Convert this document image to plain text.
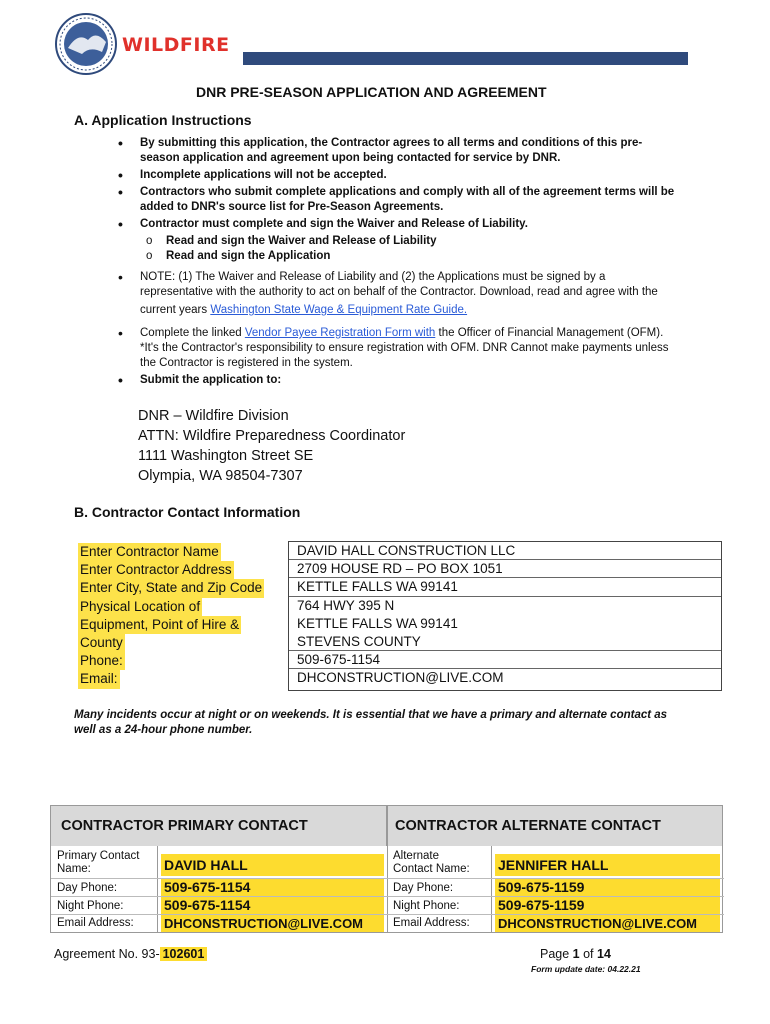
WILDFIRE
DNR PRE-SEASON APPLICATION AND AGREEMENT
A. Application Instructions
• By submitting this application, the Contractor agrees to all terms and conditions of this pre-
season application and agreement upon being contacted for service by DNR.
• Incomplete applications will not be accepted.
• Contractors who submit complete applications and comply with all of the agreement terms will be
added to DNR's source list for Pre-Season Agreements.
• Contractor must complete and sign the Waiver and Release of Liability.
o Read and sign the Waiver and Release of Liability
o Read and sign the Application
• NOTE: (1) The Waiver and Release of Liability and (2) the Applications must be signed by a
representative with the authority to act on behalf of the Contractor. Download, read and agree with the
current years Washington State Wage & Equipment Rate Guide.
• Complete the linked Vendor Payee Registration Form with the Officer of Financial Management (OFM).
*It's the Contractor's responsibility to ensure registration with OFM. DNR Cannot make payments unless
the Contractor is registered in the system.
• Submit the application to:
DNR – Wildfire Division
ATTN: Wildfire Preparedness Coordinator
1111 Washington Street SE
Olympia, WA 98504-7307
B. Contractor Contact Information
Enter Contractor Name
Enter Contractor Address
Enter City, State and Zip Code
Physical Location of
Equipment, Point of Hire &
County
Phone:
Email:
DAVID HALL CONSTRUCTION LLC
2709 HOUSE RD – PO BOX 1051
KETTLE FALLS WA 99141
764 HWY 395 N
KETTLE FALLS WA 99141
STEVENS COUNTY
509-675-1154
DHCONSTRUCTION@LIVE.COM
Many incidents occur at night or on weekends. It is essential that we have a primary and alternate contact as
well as a 24-hour phone number.
CONTRACTOR PRIMARY CONTACT	CONTRACTOR ALTERNATE CONTACT
Primary Contact
Name:
Day Phone:
Night Phone:
Email Address:
DAVID HALL
509-675-1154
509-675-1154
DHCONSTRUCTION@LIVE.COM
Alternate
Contact Name:
Day Phone:
Night Phone:
Email Address:
JENNIFER HALL
509-675-1159
509-675-1159
DHCONSTRUCTION@LIVE.COM
Agreement No. 93- 102601	Page 1 of 14
Form update date: 04.22.21
